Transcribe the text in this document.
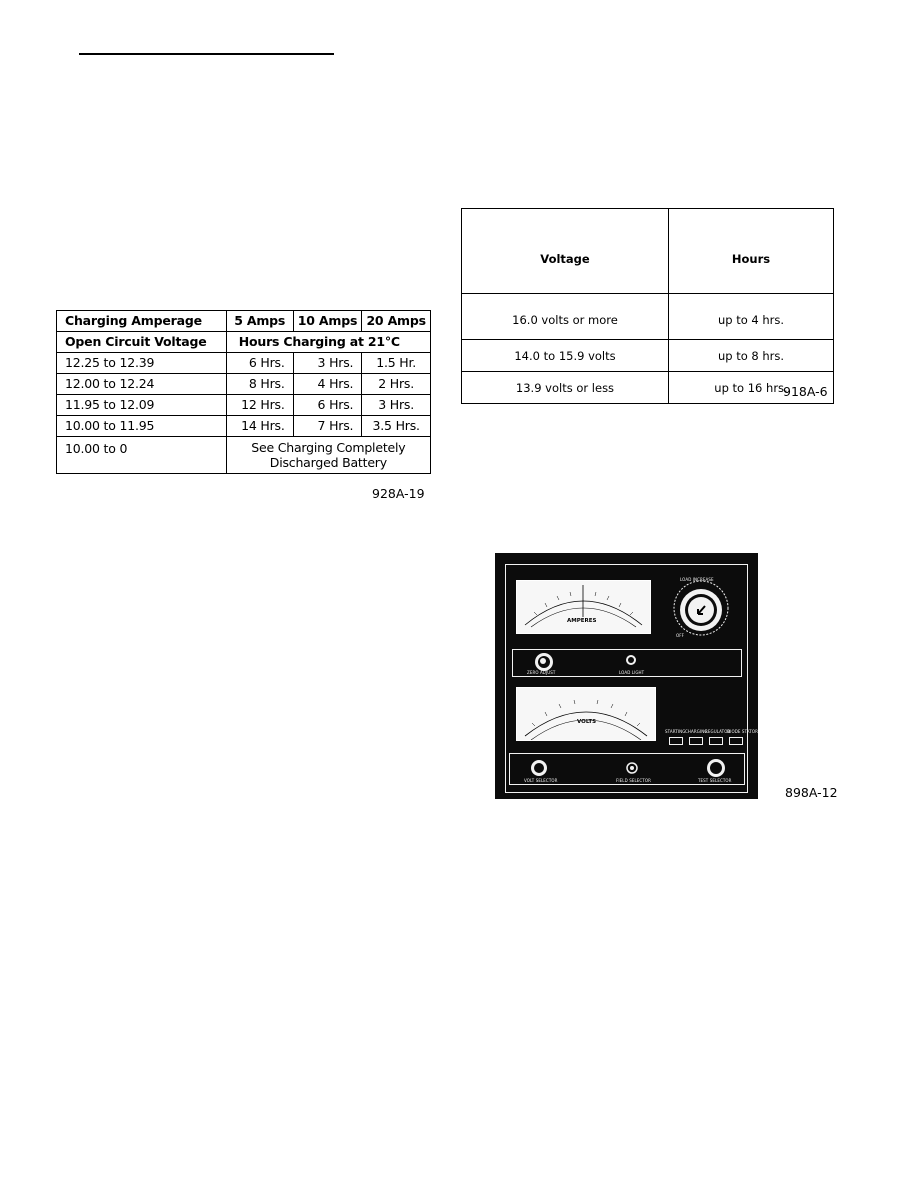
Charging Amperage	5 Amps	10 Amps	20 Amps
Open Circuit Voltage	Hours Charging at 21°C		
12.25 to 12.39	6 Hrs.	3 Hrs.	1.5 Hr.
12.00 to 12.24	8 Hrs.	4 Hrs.	2 Hrs.
11.95 to 12.09	12 Hrs.	6 Hrs.	3 Hrs.
10.00 to 11.95	14 Hrs.	7 Hrs.	3.5 Hrs.
10.00 to 0	See Charging Completely
Discharged Battery		
928A-19
Voltage	Hours
16.0 volts or more	up to 4 hrs.
14.0 to 15.9 volts	up to 8 hrs.
13.9 volts or less	up to 16 hrs.
918A-6
AMPERES
LOAD INCREASE
OFF
ZERO ADJUST	LOAD LIGHT
VOLTS
STARTING CHARGING
REGULATOR
DIODE STATOR
VOLT SELECTOR	FIELD SELECTOR	TEST SELECTOR
898A-12
